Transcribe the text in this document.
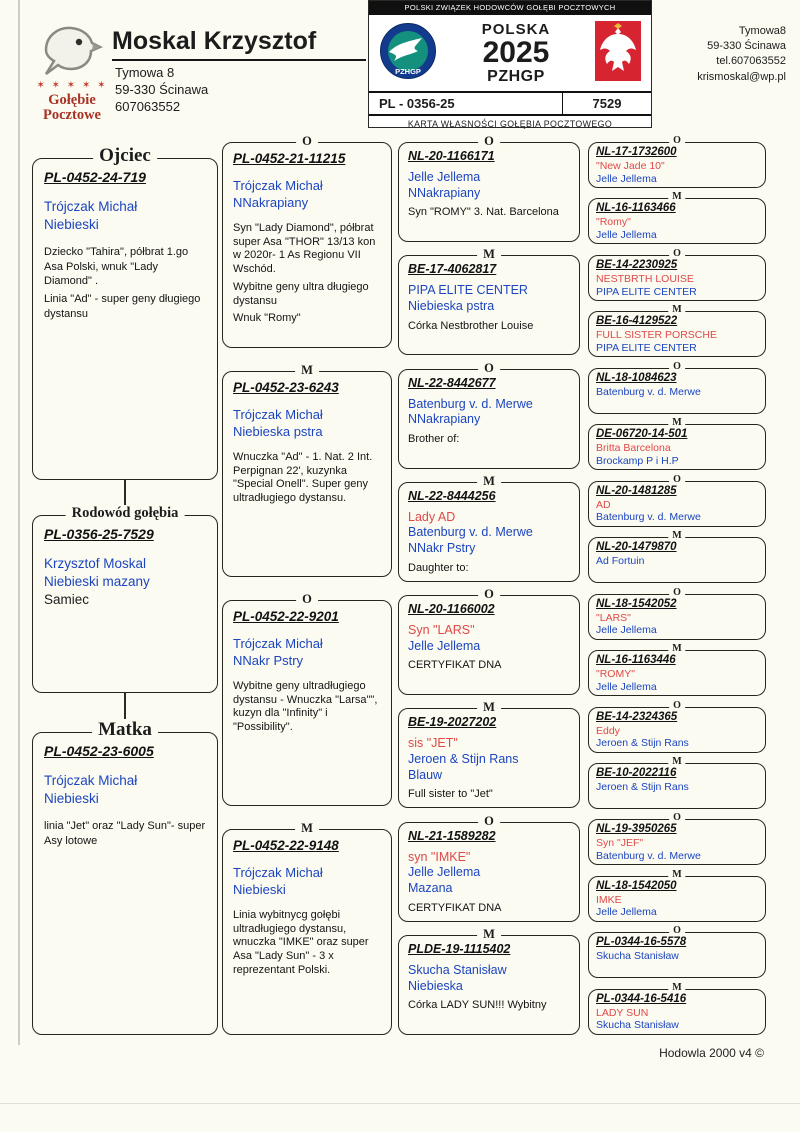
✶ ✶ ✶ ✶ ✶
Gołębie
Pocztowe
Moskal Krzysztof
Tymowa 8
59-330 Ścinawa
607063552
Tymowa8
59-330 Ścinawa
tel.607063552
krismoskal@wp.pl
POLSKI ZWIĄZEK HODOWCÓW GOŁĘBI POCZTOWYCH
PZHGP
POLSKA
2025
PZHGP
PL - 0356-25	7529
KARTA WŁASNOŚCI GOŁĘBIA POCZTOWEGO
Ojciec
PL-0452-24-719
Trójczak Michał
Niebieski
Dziecko "Tahira", półbrat 1.go Asa Polski, wnuk "Lady Diamond" .
Linia "Ad" - super geny długiego dystansu
Rodowód gołębia
PL-0356-25-7529
Krzysztof Moskal
Niebieski mazany
Samiec
Matka
PL-0452-23-6005
Trójczak Michał
Niebieski
linia "Jet" oraz "Lady Sun"- super Asy lotowe
O
PL-0452-21-11215
Trójczak Michał
NNakrapiany
Syn "Lady Diamond", półbrat super Asa "THOR" 13/13 kon w 2020r- 1 As Regionu VII Wschód.
Wybitne geny ultra długiego dystansu
Wnuk "Romy"
M
PL-0452-23-6243
Trójczak Michał
Niebieska pstra
Wnuczka "Ad" - 1. Nat. 2 Int. Perpignan 22', kuzynka "Special Onell". Super geny ultradługiego dystansu.
O
PL-0452-22-9201
Trójczak Michał
NNakr Pstry
Wybitne geny ultradługiego dystansu - Wnuczka "Larsa"", kuzyn dla "Infinity" i "Possibility".
M
PL-0452-22-9148
Trójczak Michał
Niebieski
Linia wybitnycg gołębi ultradługiego dystansu, wnuczka "IMKE" oraz super Asa "Lady Sun" - 3 x reprezentant Polski.
O
NL-20-1166171
Jelle Jellema
NNakrapiany
Syn "ROMY" 3. Nat. Barcelona
M
BE-17-4062817
PIPA ELITE CENTER
Niebieska pstra
Córka Nestbrother Louise
O
NL-22-8442677
Batenburg v. d. Merwe
NNakrapiany
Brother of:
M
NL-22-8444256
Lady AD
Batenburg v. d. Merwe
NNakr Pstry
Daughter to:
O
NL-20-1166002
Syn "LARS"
Jelle Jellema
CERTYFIKAT DNA
M
BE-19-2027202
sis "JET"
Jeroen & Stijn Rans
Blauw
Full sister to "Jet"
O
NL-21-1589282
syn "IMKE"
Jelle Jellema
Mazana
CERTYFIKAT DNA
M
PLDE-19-1115402
Skucha Stanisław
Niebieska
Córka LADY SUN!!! Wybitny
O
NL-17-1732600
"New Jade 10"
Jelle Jellema
M
NL-16-1163466
"Romy"
Jelle Jellema
O
BE-14-2230925
NESTBRTH LOUISE
PIPA ELITE CENTER
M
BE-16-4129522
FULL SISTER PORSCHE
PIPA ELITE CENTER
O
NL-18-1084623
Batenburg v. d. Merwe
M
DE-06720-14-501
Britta Barcelona
Brockamp P i H.P
O
NL-20-1481285
AD
Batenburg v. d. Merwe
M
NL-20-1479870
Ad Fortuin
O
NL-18-1542052
"LARS"
Jelle Jellema
M
NL-16-1163446
"ROMY"
Jelle Jellema
O
BE-14-2324365
Eddy
Jeroen & Stijn Rans
M
BE-10-2022116
Jeroen & Stijn Rans
O
NL-19-3950265
Syn "JEF"
Batenburg v. d. Merwe
M
NL-18-1542050
IMKE
Jelle Jellema
O
PL-0344-16-5578
Skucha Stanisław
M
PL-0344-16-5416
LADY SUN
Skucha Stanisław
Hodowla 2000 v4 ©
